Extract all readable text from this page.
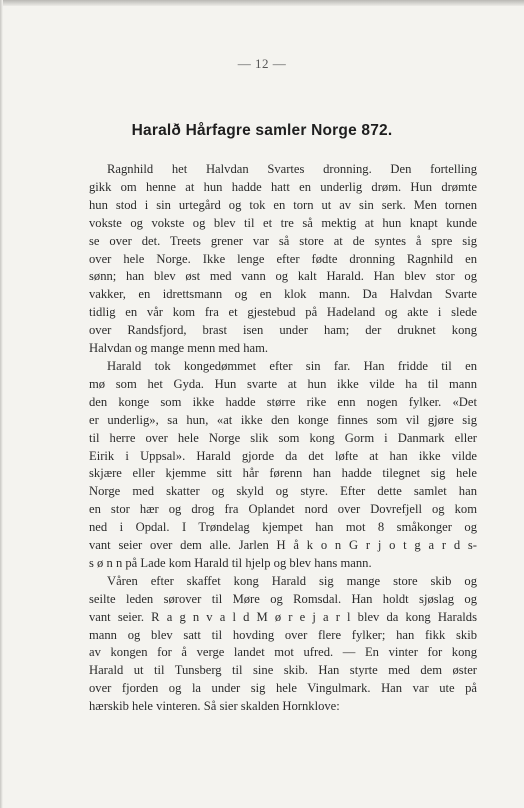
— 12 —
Haralð Hårfagre samler Norge 872.
Ragnhild het Halvdan Svartes dronning. Den fortelling
gikk om henne at hun hadde hatt en underlig drøm. Hun drømte
hun stod i sin urtegård og tok en torn ut av sin serk. Men tornen
vokste og vokste og blev til et tre så mektig at hun knapt kunde
se over det. Treets grener var så store at de syntes å spre sig
over hele Norge. Ikke lenge efter fødte dronning Ragnhild en
sønn; han blev øst med vann og kalt Harald. Han blev stor og
vakker, en idrettsmann og en klok mann. Da Halvdan Svarte
tidlig en vår kom fra et gjestebud på Hadeland og akte i slede
over Randsfjord, brast isen under ham; der druknet kong
Halvdan og mange menn med ham.
Harald tok kongedømmet efter sin far. Han fridde til en
mø som het Gyda. Hun svarte at hun ikke vilde ha til mann
den konge som ikke hadde større rike enn nogen fylker. «Det
er underlig», sa hun, «at ikke den konge finnes som vil gjøre sig
til herre over hele Norge slik som kong Gorm i Danmark eller
Eirik i Uppsal». Harald gjorde da det løfte at han ikke vilde
skjære eller kjemme sitt hår førenn han hadde tilegnet sig hele
Norge med skatter og skyld og styre. Efter dette samlet han
en stor hær og drog fra Oplandet nord over Dovrefjell og kom
ned i Opdal. I Trøndelag kjempet han mot 8 småkonger og
vant seier over dem alle. Jarlen H å k o n G r j o t g a r d s-
s ø n n på Lade kom Harald til hjelp og blev hans mann.
Våren efter skaffet kong Harald sig mange store skib og
seilte leden sørover til Møre og Romsdal. Han holdt sjøslag og
vant seier. R a g n v a l d M ø r e j a r l blev da kong Haralds
mann og blev satt til hovding over flere fylker; han fikk skib
av kongen for å verge landet mot ufred. — En vinter for kong
Harald ut til Tunsberg til sine skib. Han styrte med dem øster
over fjorden og la under sig hele Vingulmark. Han var ute på
hærskib hele vinteren. Så sier skalden Hornklove:
